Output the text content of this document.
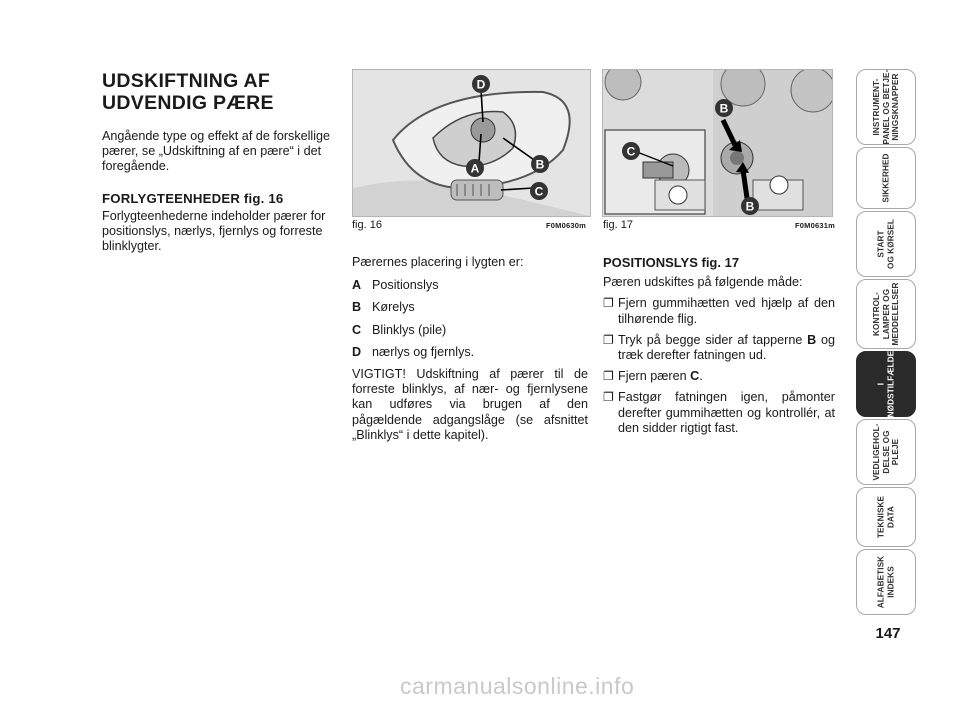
UDSKIFTNING AF UDVENDIG PÆRE
Angående type og effekt af de forskellige pærer, se „Udskiftning af en pære“ i det foregående.
FORLYGTEENHEDER fig. 16
Forlygteenhederne indeholder pærer for positionslys, nærlys, fjernlys og forreste blinklygter.
D
A	B
C
fig. 16	F0M0630m
B
C
B
fig. 17	F0M0631m
Pærernes placering i lygten er:
A Positionslys
B Kørelys
C Blinklys (pile)
D nærlys og fjernlys.
VIGTIGT! Udskiftning af pærer til de forreste blinklys, af nær- og fjernlysene kan udføres via brugen af den pågældende adgangslåge (se afsnittet „Blinklys“ i dette kapitel).
POSITIONSLYS fig. 17
Pæren udskiftes på følgende måde:
❐ Fjern gummihætten ved hjælp af den tilhørende flig.
❐ Tryk på begge sider af tapperne B og træk derefter fatningen ud.
❐ Fjern pæren C.
❐ Fastgør fatningen igen, påmonter derefter gummihætten og kontrollér, at den sidder rigtigt fast.
INSTRUMENT-
PANEL OG BETJE-
NINGSKNAPPER
SIKKERHED
START
OG KØRSEL
KONTROL-
LAMPER OG
MEDDELELSER
I
NØDSTILFÆLDE
VEDLIGEHOL-
DELSE OG
PLEJE
TEKNISKE
DATA
ALFABETISK
INDEKS
147
carmanualsonline.info
